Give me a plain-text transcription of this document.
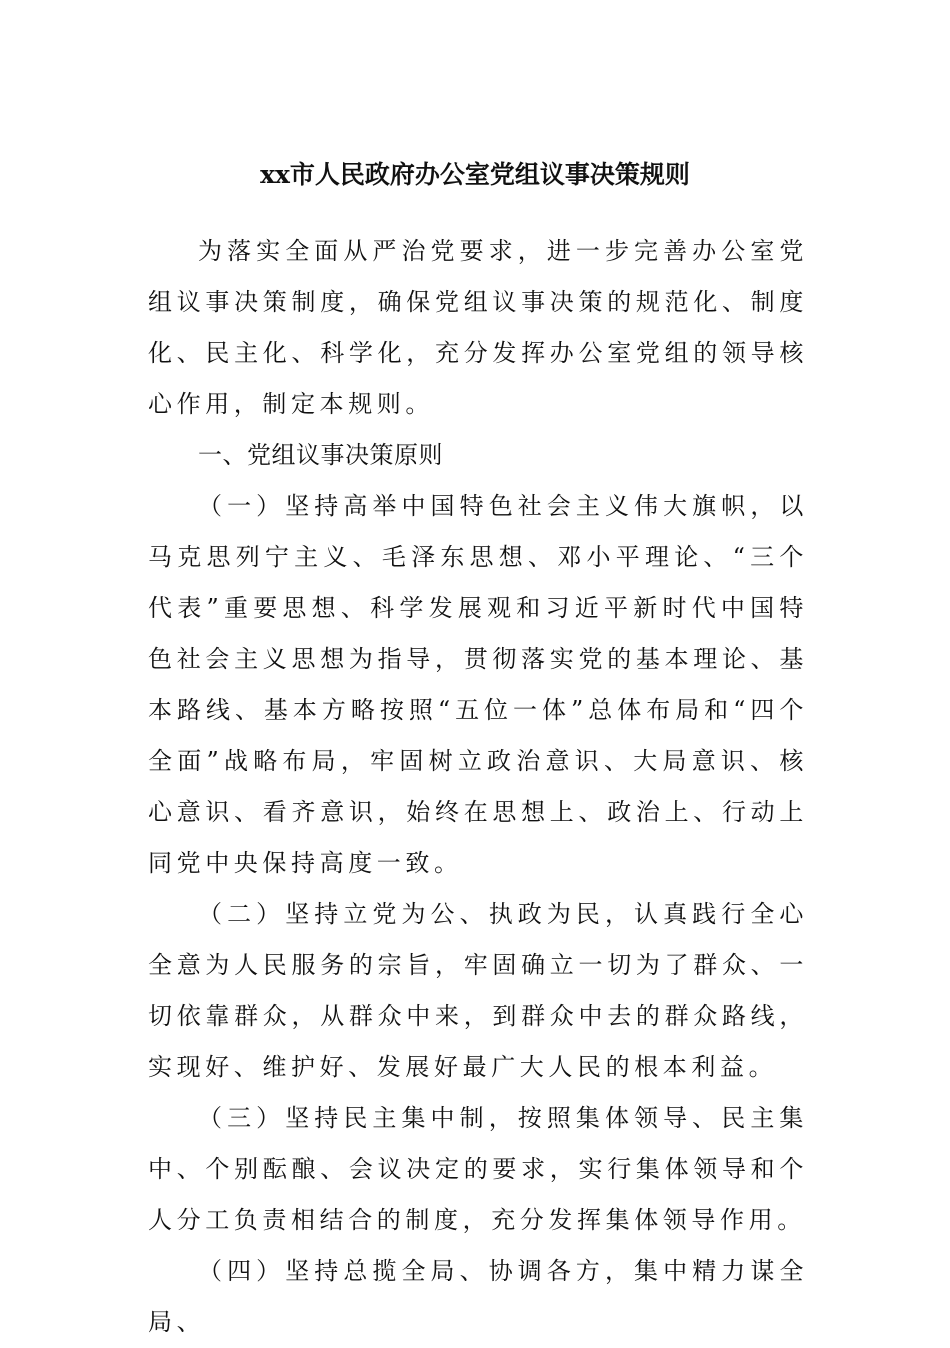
xx市人民政府办公室党组议事决策规则

为落实全面从严治党要求，进一步完善办公室党组议事决策制度，确保党组议事决策的规范化、制度化、民主化、科学化，充分发挥办公室党组的领导核心作用，制定本规则。

一、党组议事决策原则

（一）坚持高举中国特色社会主义伟大旗帜，以马克思列宁主义、毛泽东思想、邓小平理论、“三个代表”重要思想、科学发展观和习近平新时代中国特色社会主义思想为指导，贯彻落实党的基本理论、基本路线、基本方略按照“五位一体”总体布局和“四个全面”战略布局，牢固树立政治意识、大局意识、核心意识、看齐意识，始终在思想上、政治上、行动上同党中央保持高度一致。

（二）坚持立党为公、执政为民，认真践行全心全意为人民服务的宗旨，牢固确立一切为了群众、一切依靠群众，从群众中来，到群众中去的群众路线，实现好、维护好、发展好最广大人民的根本利益。

（三）坚持民主集中制，按照集体领导、民主集中、个别酝酿、会议决定的要求，实行集体领导和个人分工负责相结合的制度，充分发挥集体领导作用。

（四）坚持总揽全局、协调各方，集中精力谋全局、
